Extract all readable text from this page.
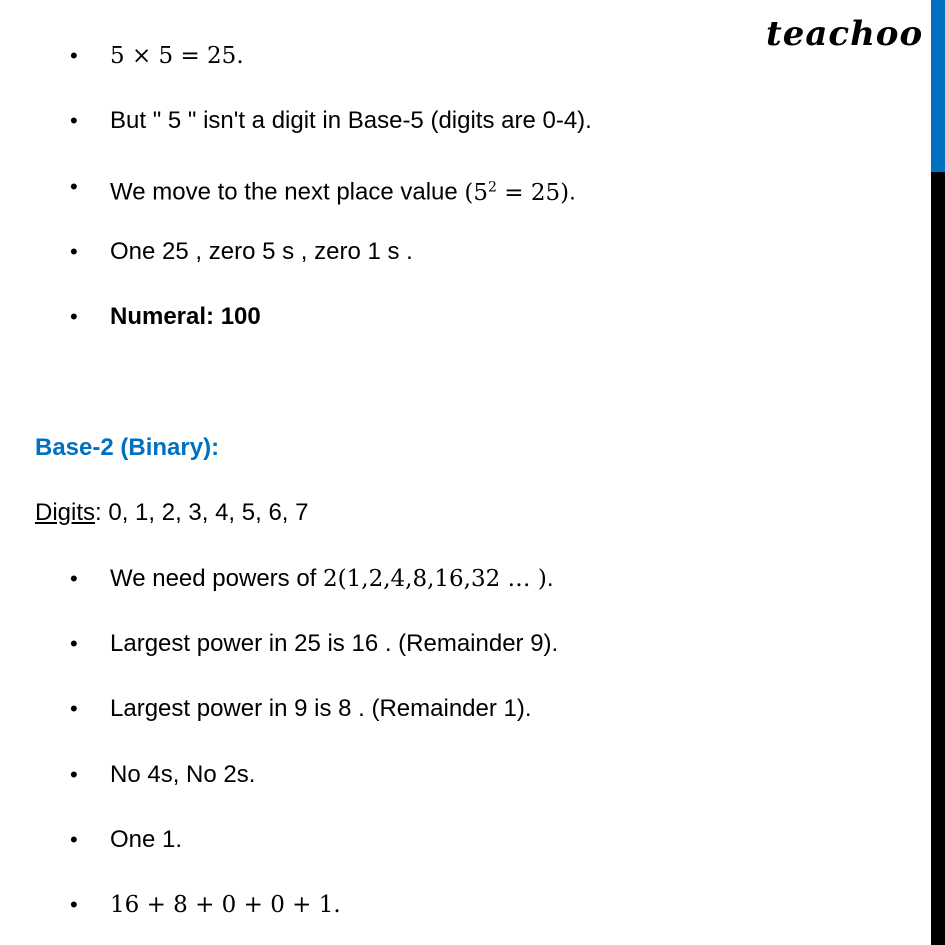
teachoo
• 5 × 5 = 25.
• But " 5 " isn't a digit in Base-5 (digits are 0-4).
• We move to the next place value $(5^2 = 25)$.
• One 25 , zero 5 s , zero 1 s .
• Numeral: 100
Base-2 (Binary):
Digits: 0, 1, 2, 3, 4, 5, 6, 7
• We need powers of 2(1,2,4,8,16,32 … ).
• Largest power in 25 is 16 . (Remainder 9).
• Largest power in 9 is 8 . (Remainder 1).
• No 4s, No 2s.
• One 1.
• 16 + 8 + 0 + 0 + 1.
